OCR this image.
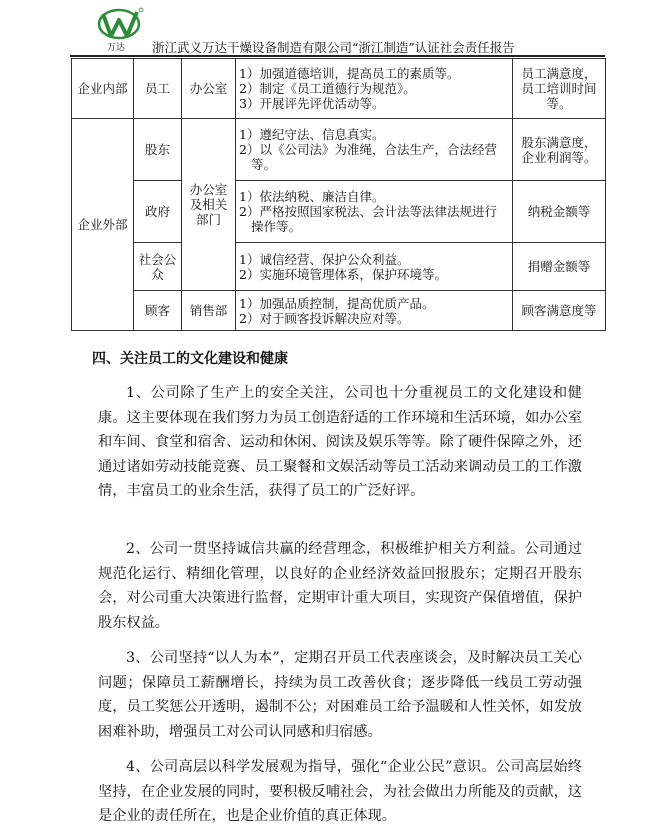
万达 浙江武义万达干燥设备制造有限公司“浙江制造”认证社会责任报告
企业内部	员工	办公室	1）加强道德培训，提高员工的素质等。
2）制定《员工道德行为规范》。
3）开展评先评优活动等。	员工满意度，员工培训时间等。
企业外部	股东	办公室及相关部门	1）遵纪守法、信息真实。
2）以《公司法》为准绳，合法生产，合法经营等。	股东满意度，企业利润等。
	政府		1）依法纳税、廉洁自律。
2）严格按照国家税法、会计法等法律法规进行操作等。	纳税金额等
	社会公众		1）诚信经营、保护公众利益。
2）实施环境管理体系，保护环境等。	捐赠金额等
	顾客	销售部	1）加强品质控制，提高优质产品。
2）对于顾客投诉解决应对等。	顾客满意度等
四、关注员工的文化建设和健康

1、公司除了生产上的安全关注，公司也十分重视员工的文化建设和健康。这主要体现在我们努力为员工创造舒适的工作环境和生活环境，如办公室和车间、食堂和宿舍、运动和休闲、阅读及娱乐等等。除了硬件保障之外，还通过诸如劳动技能竞赛、员工聚餐和文娱活动等员工活动来调动员工的工作激情，丰富员工的业余生活，获得了员工的广泛好评。

2、公司一贯坚持诚信共赢的经营理念，积极维护相关方利益。公司通过规范化运行、精细化管理，以良好的企业经济效益回报股东；定期召开股东会，对公司重大决策进行监督，定期审计重大项目，实现资产保值增值，保护股东权益。

3、公司坚持“以人为本”，定期召开员工代表座谈会，及时解决员工关心问题；保障员工薪酬增长，持续为员工改善伙食；逐步降低一线员工劳动强度，员工奖惩公开透明，遏制不公；对困难员工给予温暖和人性关怀，如发放困难补助，增强员工对公司认同感和归宿感。

4、公司高层以科学发展观为指导，强化“企业公民”意识。公司高层始终坚持，在企业发展的同时，要积极反哺社会，为社会做出力所能及的贡献，这是企业的责任所在，也是企业价值的真正体现。
